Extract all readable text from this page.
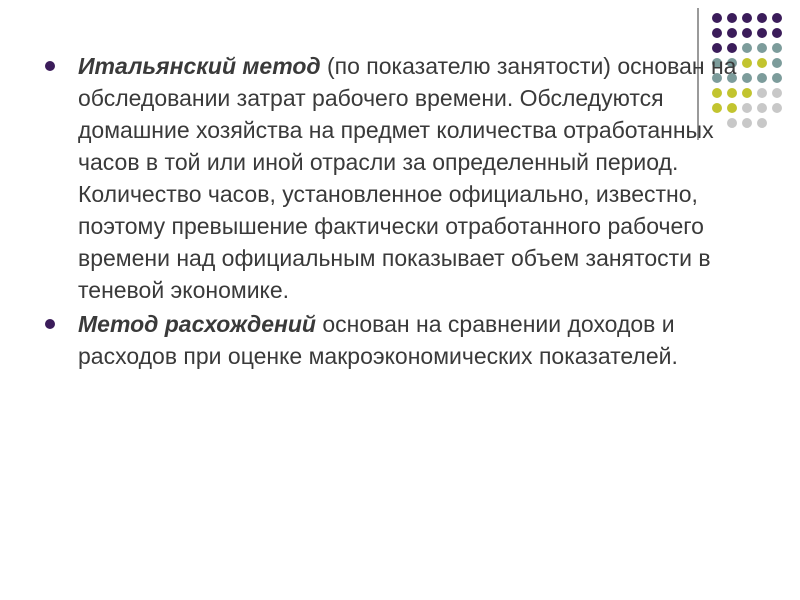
Итальянский метод (по показателю занятости) основан на обследовании затрат рабочего времени. Обследуются домашние хозяйства на предмет количества отработанных часов в той или иной отрасли за определенный период. Количество часов, установленное официально, известно, поэтому превышение фактически отработанного рабочего времени над официальным показывает объем занятости в теневой экономике.
Метод расхождений основан на сравнении доходов и расходов при оценке макроэкономических показателей.
